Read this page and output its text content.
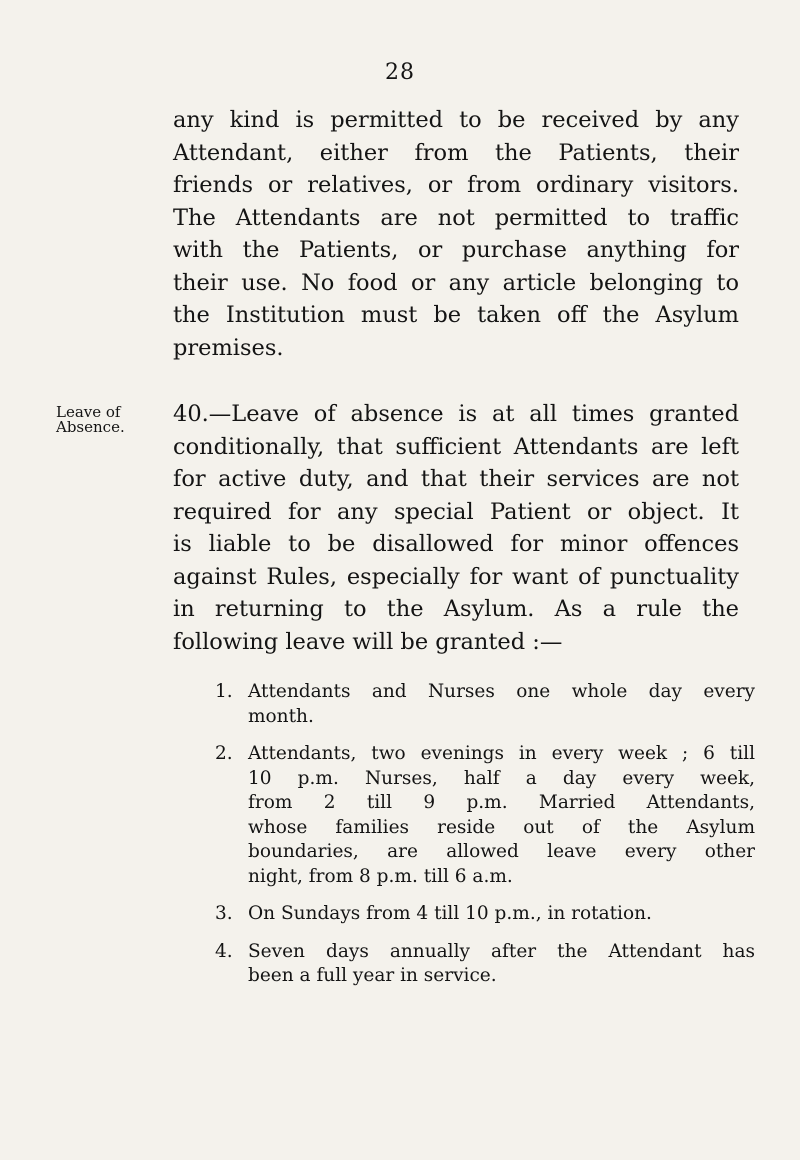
28
any kind is permitted to be received by any
Attendant, either from the Patients, their
friends or relatives, or from ordinary visitors.
The Attendants are not permitted to traffic
with the Patients, or purchase anything for
their use. No food or any article belonging to
the Institution must be taken off the Asylum
premises.
Leave of
Absence.	40.—Leave of absence is at all times granted
conditionally, that sufficient Attendants are left
for active duty, and that their services are not
required for any special Patient or object. It
is liable to be disallowed for minor offences
against Rules, especially for want of punctuality
in returning to the Asylum. As a rule the
following leave will be granted :—
1. Attendants and Nurses one whole day every
month.
2. Attendants, two evenings in every week ; 6 till
10 p.m. Nurses, half a day every week,
from 2 till 9 p.m. Married Attendants,
whose families reside out of the Asylum
boundaries, are allowed leave every other
night, from 8 p.m. till 6 a.m.
3. On Sundays from 4 till 10 p.m., in rotation.
4. Seven days annually after the Attendant has
been a full year in service.
